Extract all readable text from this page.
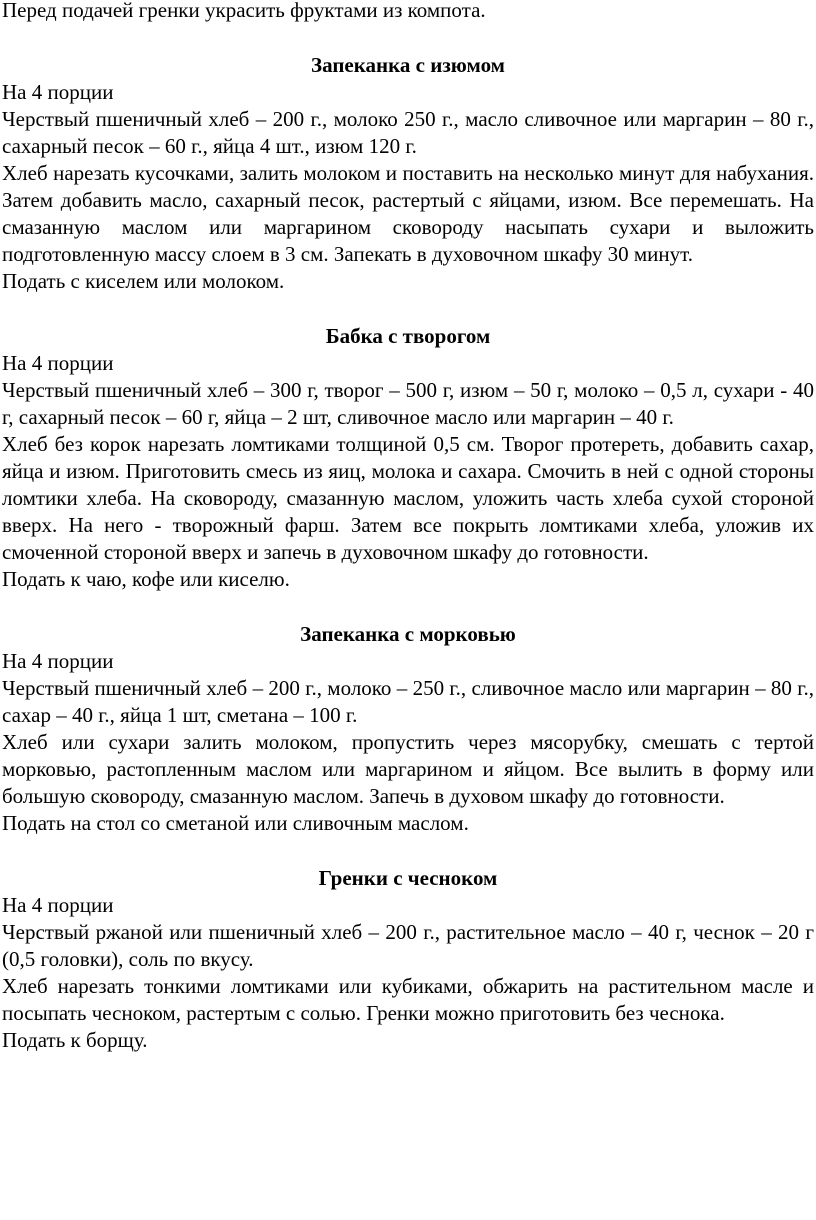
Перед подачей гренки украсить фруктами из компота.

Запеканка с изюмом

На 4 порции

Черствый пшеничный хлеб – 200 г., молоко 250 г., масло сливочное или маргарин – 80 г., сахарный песок – 60 г., яйца 4 шт., изюм 120 г.

Хлеб нарезать кусочками, залить молоком и поставить на несколько минут для набухания. Затем добавить масло, сахарный песок, растертый с яйцами, изюм. Все перемешать. На смазанную маслом или маргарином сковороду насыпать сухари и выложить подготовленную массу слоем в 3 см. Запекать в духовочном шкафу 30 минут.

Подать с киселем или молоком.

Бабка с творогом

На 4 порции

Черствый пшеничный хлеб – 300 г, творог – 500 г, изюм – 50 г, молоко – 0,5 л, сухари - 40 г, сахарный песок – 60 г, яйца – 2 шт, сливочное масло или маргарин – 40 г.

Хлеб без корок нарезать ломтиками толщиной 0,5 см. Творог протереть, добавить сахар, яйца и изюм. Приготовить смесь из яиц, молока и сахара. Смочить в ней с одной стороны ломтики хлеба. На сковороду, смазанную маслом, уложить часть хлеба сухой стороной вверх. На него - творожный фарш. Затем все покрыть ломтиками хлеба, уложив их смоченной стороной вверх и запечь в духовочном шкафу до готовности.

Подать к чаю, кофе или киселю.

Запеканка с морковью

На 4 порции

Черствый пшеничный хлеб – 200 г., молоко – 250 г., сливочное масло или маргарин – 80 г., сахар – 40 г., яйца 1 шт, сметана – 100 г.

Хлеб или сухари залить молоком, пропустить через мясорубку, смешать с тертой морковью, растопленным маслом или маргарином и яйцом. Все вылить в форму или большую сковороду, смазанную маслом. Запечь в духовом шкафу до готовности.

Подать на стол со сметаной или сливочным маслом.

Гренки с чесноком

На 4 порции

Черствый ржаной или пшеничный хлеб – 200 г., растительное масло – 40 г, чеснок – 20 г (0,5 головки), соль по вкусу.

Хлеб нарезать тонкими ломтиками или кубиками, обжарить на растительном масле и посыпать чесноком, растертым с солью. Гренки можно приготовить без чеснока.

Подать к борщу.
